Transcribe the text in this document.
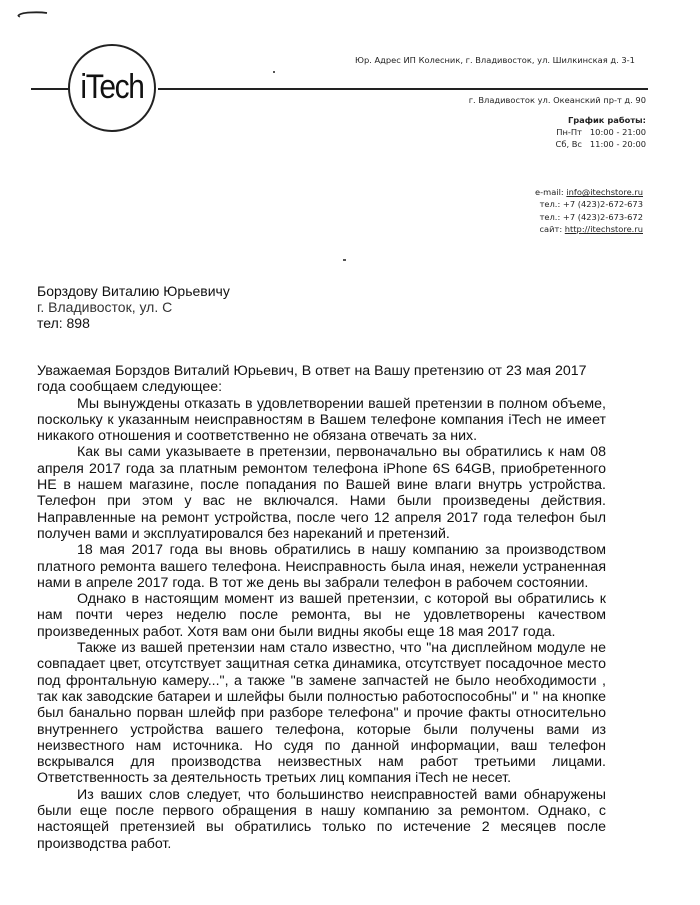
iTech
Юр. Адрес ИП Колесник, г. Владивосток, ул. Шилкинская д. 3-1
г. Владивосток ул. Океанский пр-т д. 90
График работы:
Пн-Пт 10:00 - 21:00
Сб, Вс 11:00 - 20:00
e-mail: info@itechstore.ru
тел.: +7 (423)2-672-673
тел.: +7 (423)2-673-672
сайт: http://itechstore.ru
Борздову Виталию Юрьевичу
г. Владивосток, ул. С
тел: 898

Уважаемая Борздов Виталий Юрьевич, В ответ на Вашу претензию от 23 мая 2017 года сообщаем следующее:

Мы вынуждены отказать в удовлетворении вашей претензии в полном объеме, поскольку к указанным неисправностям в Вашем телефоне компания iTech не имеет никакого отношения и соответственно не обязана отвечать за них.

Как вы сами указываете в претензии, первоначально вы обратились к нам 08 апреля 2017 года за платным ремонтом телефона iPhone 6S 64GB, приобретенного НЕ в нашем магазине, после попадания по Вашей вине влаги внутрь устройства. Телефон при этом у вас не включался. Нами были произведены действия. Направленные на ремонт устройства, после чего 12 апреля 2017 года телефон был получен вами и эксплуатировался без нареканий и претензий.

18 мая 2017 года вы вновь обратились в нашу компанию за производством платного ремонта вашего телефона. Неисправность была иная, нежели устраненная нами в апреле 2017 года. В тот же день вы забрали телефон в рабочем состоянии.

Однако в настоящим момент из вашей претензии, с которой вы обратились к нам почти через неделю после ремонта, вы не удовлетворены качеством произведенных работ. Хотя вам они были видны якобы еще 18 мая 2017 года.

Также из вашей претензии нам стало известно, что "на дисплейном модуле не совпадает цвет, отсутствует защитная сетка динамика, отсутствует посадочное место под фронтальную камеру...", а также "в замене запчастей не было необходимости , так как заводские батареи и шлейфы были полностью работоспособны" и " на кнопке был банально порван шлейф при разборе телефона" и прочие факты относительно внутреннего устройства вашего телефона, которые были получены вами из неизвестного нам источника. Но судя по данной информации, ваш телефон вскрывался для производства неизвестных нам работ третьими лицами. Ответственность за деятельность третьих лиц компания iTech не несет.

Из ваших слов следует, что большинство неисправностей вами обнаружены были еще после первого обращения в нашу компанию за ремонтом. Однако, с настоящей претензией вы обратились только по истечение 2 месяцев после производства работ.
